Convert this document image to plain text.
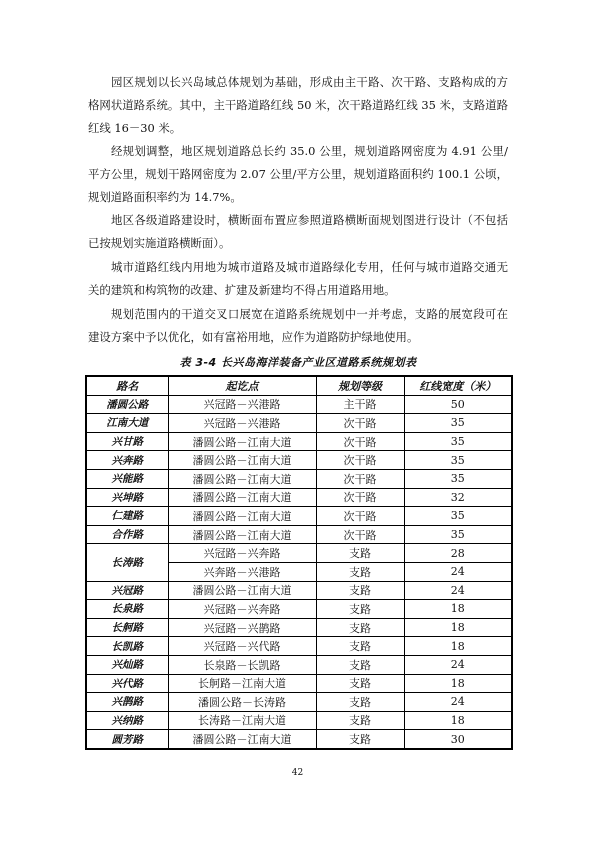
园区规划以长兴岛域总体规划为基础，形成由主干路、次干路、支路构成的方格网状道路系统。其中，主干路道路红线 50 米，次干路道路红线 35 米，支路道路红线 16－30 米。

经规划调整，地区规划道路总长约 35.0 公里，规划道路网密度为 4.91 公里/平方公里，规划干路网密度为 2.07 公里/平方公里，规划道路面积约 100.1 公顷，规划道路面积率约为 14.7%。

地区各级道路建设时，横断面布置应参照道路横断面规划图进行设计（不包括已按规划实施道路横断面）。

城市道路红线内用地为城市道路及城市道路绿化专用，任何与城市道路交通无关的建筑和构筑物的改建、扩建及新建均不得占用道路用地。

规划范围内的干道交叉口展宽在道路系统规划中一并考虑，支路的展宽段可在建设方案中予以优化，如有富裕用地，应作为道路防护绿地使用。

表 3-4 长兴岛海洋装备产业区道路系统规划表
路名	起讫点	规划等级	红线宽度（米）
潘圆公路	兴冠路－兴港路	主干路	50
江南大道	兴冠路－兴港路	次干路	35
兴甘路	潘圆公路－江南大道	次干路	35
兴奔路	潘圆公路－江南大道	次干路	35
兴能路	潘圆公路－江南大道	次干路	35
兴坤路	潘圆公路－江南大道	次干路	32
仁建路	潘圆公路－江南大道	次干路	35
合作路	潘圆公路－江南大道	次干路	35
长涛路	兴冠路－兴奔路	支路	28
	兴奔路－兴港路	支路	24
兴冠路	潘圆公路－江南大道	支路	24
长泉路	兴冠路－兴奔路	支路	18
长舸路	兴冠路－兴鹊路	支路	18
长凯路	兴冠路－兴代路	支路	18
兴灿路	长泉路－长凯路	支路	24
兴代路	长舸路－江南大道	支路	18
兴鹊路	潘圆公路－长涛路	支路	24
兴纳路	长涛路－江南大道	支路	18
圆芳路	潘圆公路－江南大道	支路	30
42
